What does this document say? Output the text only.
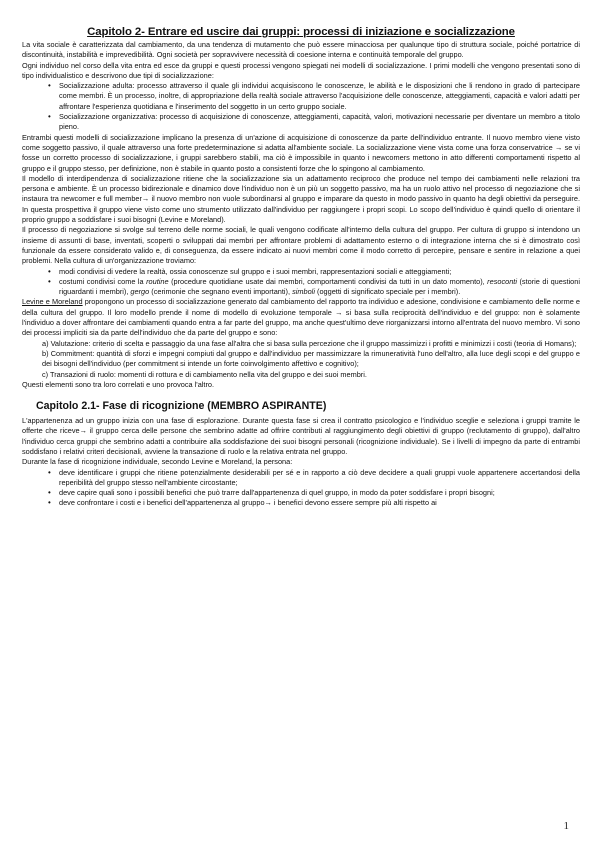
Capitolo 2- Entrare ed uscire dai gruppi: processi di iniziazione e socializzazione

La vita sociale è caratterizzata dal cambiamento, da una tendenza di mutamento che può essere minacciosa per qualunque tipo di struttura sociale, poiché portatrice di discontinuità, instabilità e imprevedibilità. Ogni società per sopravvivere necessità di coesione interna e continuità temporale del gruppo.

Ogni individuo nel corso della vita entra ed esce da gruppi e questi processi vengono spiegati nei modelli di socializzazione. I primi modelli che vengono presentati sono di tipo individualistico e descrivono due tipi di socializzazione:

• Socializzazione adulta: processo attraverso il quale gli individui acquisiscono le conoscenze, le abilità e le disposizioni che li rendono in grado di partecipare come membri. È un processo, inoltre, di appropriazione della realtà sociale attraverso l'acquisizione delle conoscenze, atteggiamenti, capacità e valori adatti per affrontare l'esperienza quotidiana e l'inserimento del soggetto in un certo gruppo sociale.
• Socializzazione organizzativa: processo di acquisizione di conoscenze, atteggiamenti, capacità, valori, motivazioni necessarie per diventare un membro a titolo pieno.

Entrambi questi modelli di socializzazione implicano la presenza di un'azione di acquisizione di conoscenze da parte dell'individuo entrante. Il nuovo membro viene visto come soggetto passivo, il quale attraverso una forte predeterminazione si adatta all'ambiente sociale. La socializzazione viene vista come una forza conservatrice → se vi fosse un corretto processo di socializzazione, i gruppi sarebbero stabili, ma ciò è impossibile in quanto i newcomers mettono in atto differenti comportamenti rispetto al gruppo e il gruppo stesso, per definizione, non è stabile in quanto posto a consistenti forze che lo spingono al cambiamento.

Il modello di interdipendenza di socializzazione ritiene che la socializzazione sia un adattamento reciproco che produce nel tempo dei cambiamenti nelle relazioni tra persona e ambiente. È un processo bidirezionale e dinamico dove l'individuo non è un più un soggetto passivo, ma ha un ruolo attivo nel processo di negoziazione che si instaura tra newcomer e full member→ il nuovo membro non vuole subordinarsi al gruppo e imparare da questo in modo passivo in quanto ha degli obiettivi da perseguire. In questa prospettiva il gruppo viene visto come uno strumento utilizzato dall'individuo per raggiungere i propri scopi. Lo scopo dell'individuo è quindi quello di orientare il proprio gruppo a soddisfare i suoi bisogni (Levine e Moreland).

Il processo di negoziazione si svolge sul terreno delle norme sociali, le quali vengono codificate all'interno della cultura del gruppo. Per cultura di gruppo si intendono un insieme di assunti di base, inventati, scoperti o sviluppati dai membri per affrontare problemi di adattamento esterno o di integrazione interna che si è dimostrato così funzionale da essere considerato valido e, di conseguenza, da essere indicato ai nuovi membri come il modo corretto di percepire, pensare e sentire in relazione a quei problemi. Nella cultura di un'organizzazione troviamo:

• modi condivisi di vedere la realtà, ossia conoscenze sul gruppo e i suoi membri, rappresentazioni sociali e atteggiamenti;
• costumi condivisi come la routine (procedure quotidiane usate dai membri, comportamenti condivisi da tutti in un dato momento), resoconti (storie di questioni riguardanti i membri), gergo (cerimonie che segnano eventi importanti), simboli (oggetti di significato speciale per i membri).

Levine e Moreland propongono un processo di socializzazione generato dal cambiamento del rapporto tra individuo e adesione, condivisione e cambiamento delle norme e della cultura del gruppo. Il loro modello prende il nome di modello di evoluzione temporale → si basa sulla reciprocità dell'individuo e del gruppo: non è solamente l'individuo a dover affrontare dei cambiamenti quando entra a far parte del gruppo, ma anche quest'ultimo deve riorganizzarsi intorno all'entrata del nuovo membro. Vi sono dei processi impliciti sia da parte dell'individuo che da parte del gruppo e sono:

a) Valutazione: criterio di scelta e passaggio da una fase all'altra che si basa sulla percezione che il gruppo massimizzi i profitti e minimizzi i costi (teoria di Homans);

b) Commitment: quantità di sforzi e impegni compiuti dal gruppo e dall'individuo per massimizzare la rimuneratività l'uno dell'altro, alla luce degli scopi e del gruppo e dei bisogni dell'individuo (per commitment si intende un forte coinvolgimento affettivo e cognitivo);

c) Transazioni di ruolo: momenti di rottura e di cambiamento nella vita del gruppo e dei suoi membri.

Questi elementi sono tra loro correlati e uno provoca l'altro.

Capitolo 2.1- Fase di ricognizione (MEMBRO ASPIRANTE)

L'appartenenza ad un gruppo inizia con una fase di esplorazione. Durante questa fase si crea il contratto psicologico e l'individuo sceglie e seleziona i gruppi tramite le offerte che riceve→ il gruppo cerca delle persone che sembrino adatte ad offrire contributi al raggiungimento degli obiettivi di gruppo (reclutamento di gruppo), dall'altro l'individuo cerca gruppi che sembrino adatti a contribuire alla soddisfazione dei suoi bisogni personali (ricognizione individuale). Se i livelli di impegno da parte di entrambi soddisfano i relativi criteri decisionali, avviene la transazione di ruolo e la relativa entrata nel gruppo.

Durante la fase di ricognizione individuale, secondo Levine e Moreland, la persona:

• deve identificare i gruppi che ritiene potenzialmente desiderabili per sé e in rapporto a ciò deve decidere a quali gruppi vuole appartenere accertandosi della reperibilità del gruppo stesso nell'ambiente circostante;
• deve capire quali sono i possibili benefici che può trarre dall'appartenenza di quel gruppo, in modo da poter soddisfare i propri bisogni;
• deve confrontare i costi e i benefici dell'appartenenza al gruppo→ i benefici devono essere sempre più alti rispetto ai
1
